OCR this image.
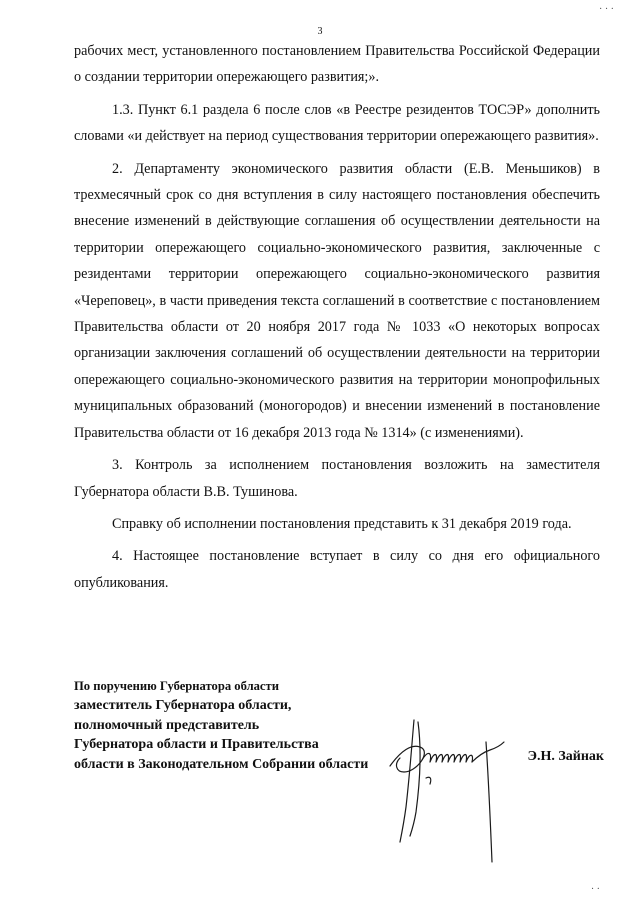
· · ·
3

рабочих мест, установленного постановлением Правительства Российской Федерации о создании территории опережающего развития;».

1.3. Пункт 6.1 раздела 6 после слов «в Реестре резидентов ТОСЭР» дополнить словами «и действует на период существования территории опережающего развития».

2. Департаменту экономического развития области (Е.В. Меньшиков) в трехмесячный срок со дня вступления в силу настоящего постановления обеспечить внесение изменений в действующие соглашения об осуществлении деятельности на территории опережающего социально-экономического развития, заключенные с резидентами территории опережающего социально-экономического развития «Череповец», в части приведения текста соглашений в соответствие с постановлением Правительства области от 20 ноября 2017 года № 1033 «О некоторых вопросах организации заключения соглашений об осуществлении деятельности на территории опережающего социально-экономического развития на территории монопрофильных муниципальных образований (моногородов) и внесении изменений в постановление Правительства области от 16 декабря 2013 года № 1314» (с изменениями).

3. Контроль за исполнением постановления возложить на заместителя Губернатора области В.В. Тушинова.

Справку об исполнении постановления представить к 31 декабря 2019 года.

4. Настоящее постановление вступает в силу со дня его официального опубликования.

По поручению Губернатора области
заместитель Губернатора области,
полномочный представитель
Губернатора области и Правительства
области в Законодательном Собрании области	Э.Н. Зайнак
· ·
